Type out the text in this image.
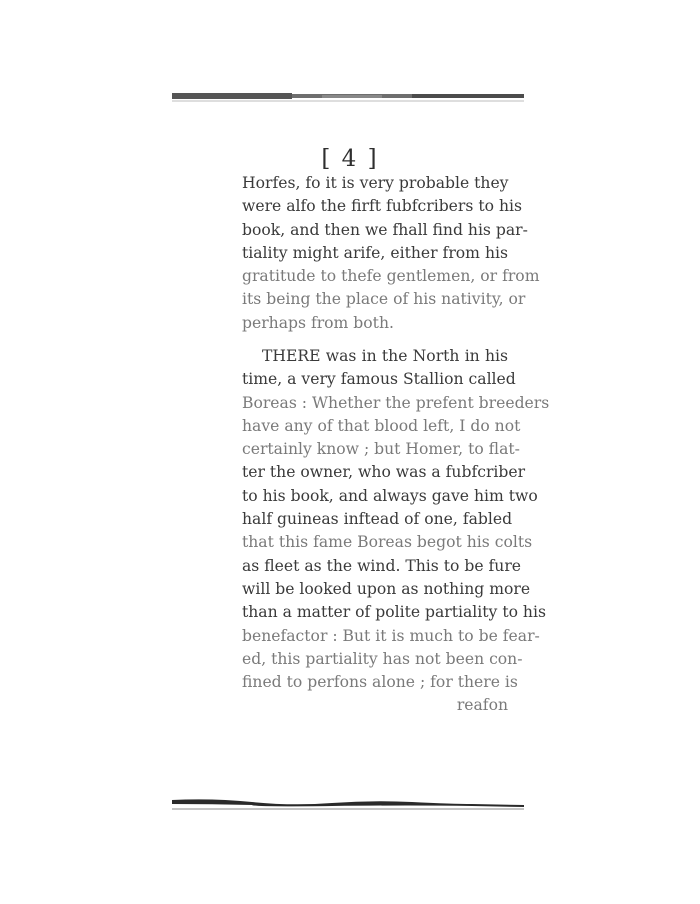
[ 4 ]
Horfes, fo it is very probable they
were alfo the firft fubfcribers to his
book, and then we fhall find his par-
tiality might arife, either from his
gratitude to thefe gentlemen, or from
its being the place of his nativity, or
perhaps from both.
THERE was in the North in his
time, a very famous Stallion called
Boreas : Whether the prefent breeders
have any of that blood left, I do not
certainly know ; but Homer, to flat-
ter the owner, who was a fubfcriber
to his book, and always gave him two
half guineas inftead of one, fabled
that this fame Boreas begot his colts
as fleet as the wind. This to be fure
will be looked upon as nothing more
than a matter of polite partiality to his
benefactor : But it is much to be fear-
ed, this partiality has not been con-
fined to perfons alone ; for there is
reafon
